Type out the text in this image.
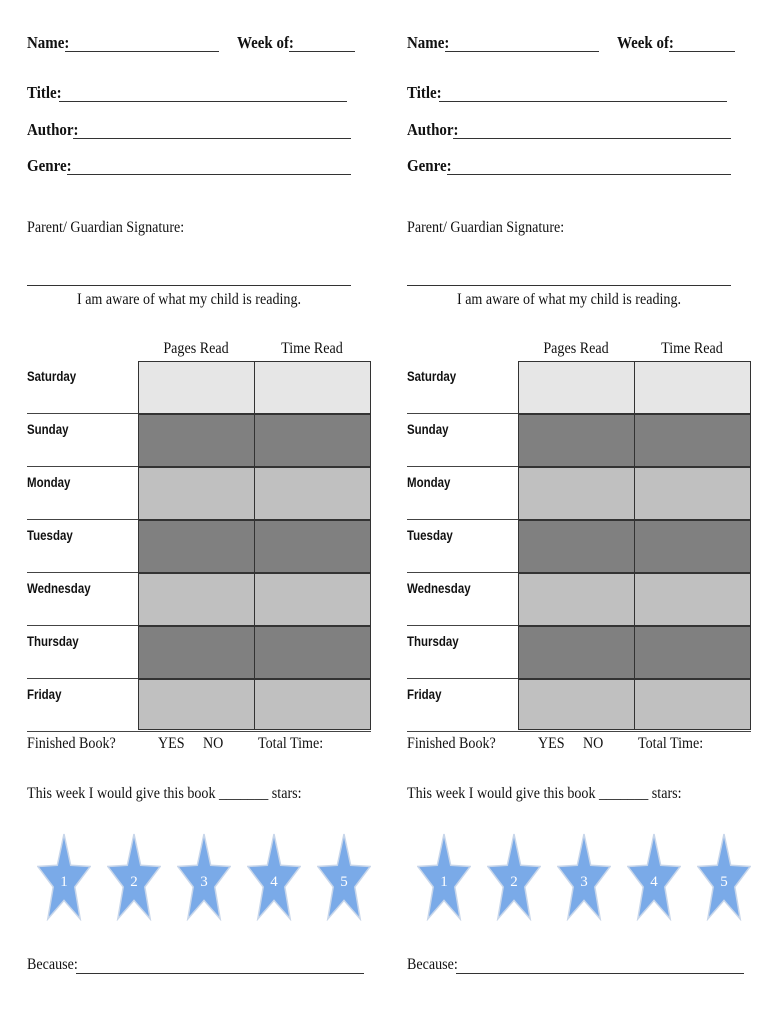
Name:	Week of:
Title:
Author:
Genre:
Parent/ Guardian Signature:
I am aware of what my child is reading.
Pages Read	Time Read
Saturday
Sunday
Monday
Tuesday
Wednesday
Thursday
Friday
Finished Book?	YES NO Total Time:
This week I would give this book _______ stars:
1	2	3	4	5
Because:
Name:	Week of:
Title:
Author:
Genre:
Parent/ Guardian Signature:
I am aware of what my child is reading.
Pages Read	Time Read
Saturday
Sunday
Monday
Tuesday
Wednesday
Thursday
Friday
Finished Book?	YES NO Total Time:
This week I would give this book _______ stars:
1	2	3	4	5
Because:
